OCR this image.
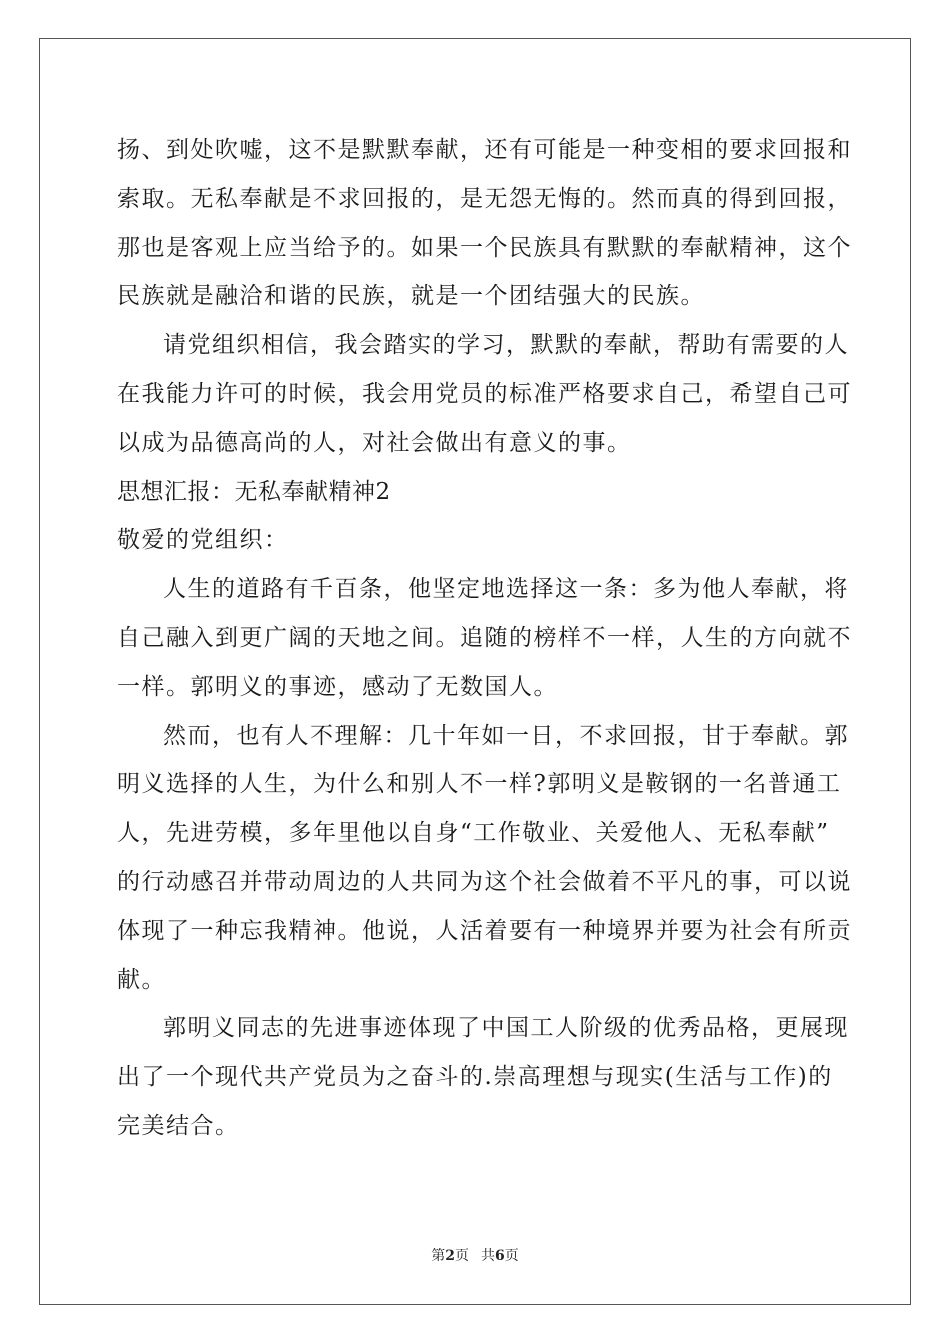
扬、到处吹嘘，这不是默默奉献，还有可能是一种变相的要求回报和
索取。无私奉献是不求回报的，是无怨无悔的。然而真的得到回报，
那也是客观上应当给予的。如果一个民族具有默默的奉献精神，这个
民族就是融洽和谐的民族，就是一个团结强大的民族。
请党组织相信，我会踏实的学习，默默的奉献，帮助有需要的人
在我能力许可的时候，我会用党员的标准严格要求自己，希望自己可
以成为品德高尚的人，对社会做出有意义的事。
思想汇报：无私奉献精神2
敬爱的党组织：
人生的道路有千百条，他坚定地选择这一条：多为他人奉献，将
自己融入到更广阔的天地之间。追随的榜样不一样，人生的方向就不
一样。郭明义的事迹，感动了无数国人。
然而，也有人不理解：几十年如一日，不求回报，甘于奉献。郭
明义选择的人生，为什么和别人不一样?郭明义是鞍钢的一名普通工
人，先进劳模，多年里他以自身“工作敬业、关爱他人、无私奉献”
的行动感召并带动周边的人共同为这个社会做着不平凡的事，可以说
体现了一种忘我精神。他说，人活着要有一种境界并要为社会有所贡
献。
郭明义同志的先进事迹体现了中国工人阶级的优秀品格，更展现
出了一个现代共产党员为之奋斗的.崇高理想与现实(生活与工作)的
完美结合。
第2页 共6页
